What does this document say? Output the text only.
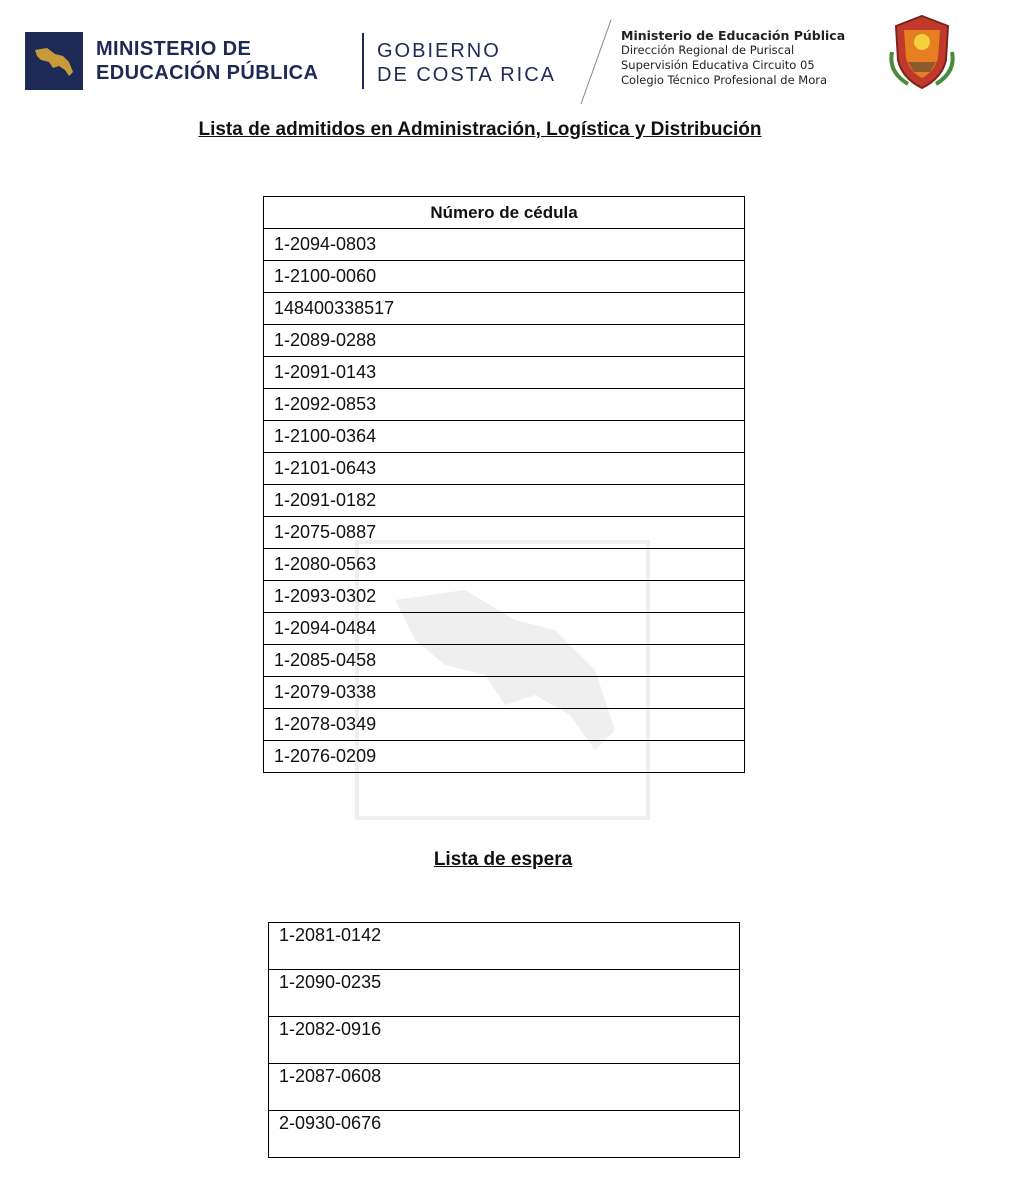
MINISTERIO DE
EDUCACIÓN PÚBLICA
GOBIERNO
DE COSTA RICA
Ministerio de Educación Pública
Dirección Regional de Puriscal
Supervisión Educativa Circuito 05
Colegio Técnico Profesional de Mora
Lista de admitidos en Administración, Logística y Distribución
Número de cédula
1-2094-0803
1-2100-0060
148400338517
1-2089-0288
1-2091-0143
1-2092-0853
1-2100-0364
1-2101-0643
1-2091-0182
1-2075-0887
1-2080-0563
1-2093-0302
1-2094-0484
1-2085-0458
1-2079-0338
1-2078-0349
1-2076-0209
Lista de espera
1-2081-0142
1-2090-0235
1-2082-0916
1-2087-0608
2-0930-0676
